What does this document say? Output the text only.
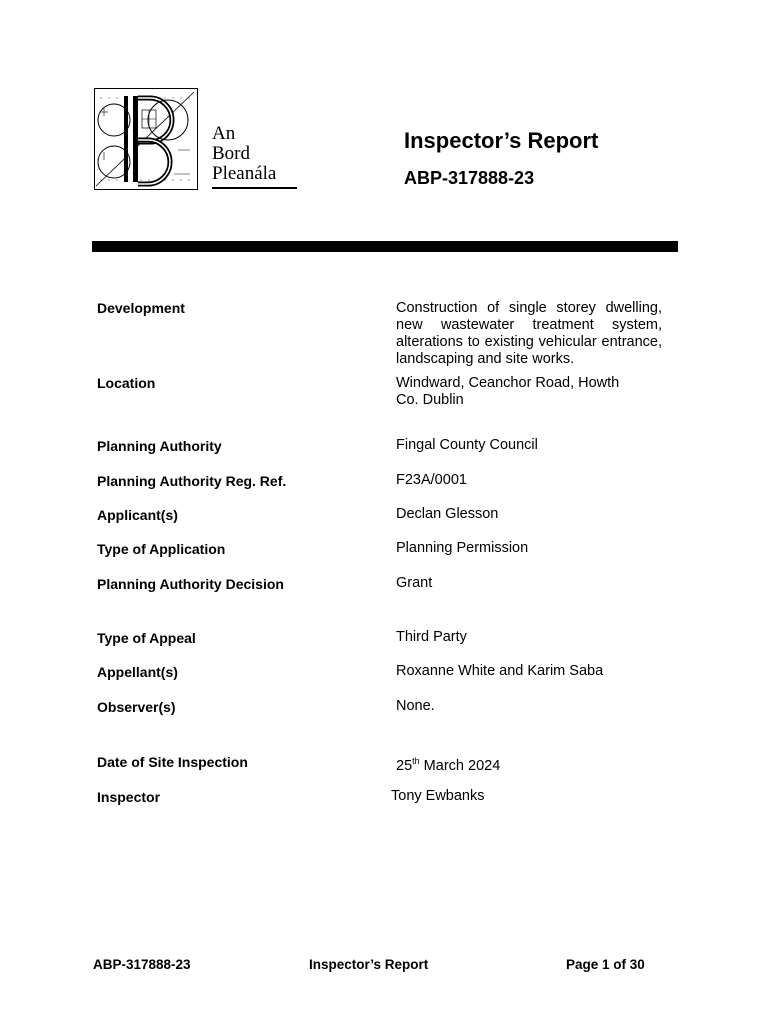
An
Bord
Pleanála
Inspector’s Report
ABP-317888-23
Development	Construction of single storey dwelling, new wastewater treatment system, alterations to existing vehicular entrance, landscaping and site works.
Location	Windward, Ceanchor Road, Howth
Co. Dublin
Planning Authority	Fingal County Council
Planning Authority Reg. Ref.	F23A/0001
Applicant(s)	Declan Glesson
Type of Application	Planning Permission
Planning Authority Decision	Grant
Type of Appeal	Third Party
Appellant(s)	Roxanne White and Karim Saba
Observer(s)	None.
Date of Site Inspection	25th March 2024
Inspector	Tony Ewbanks
ABP-317888-23	Inspector’s Report	Page 1 of 30
